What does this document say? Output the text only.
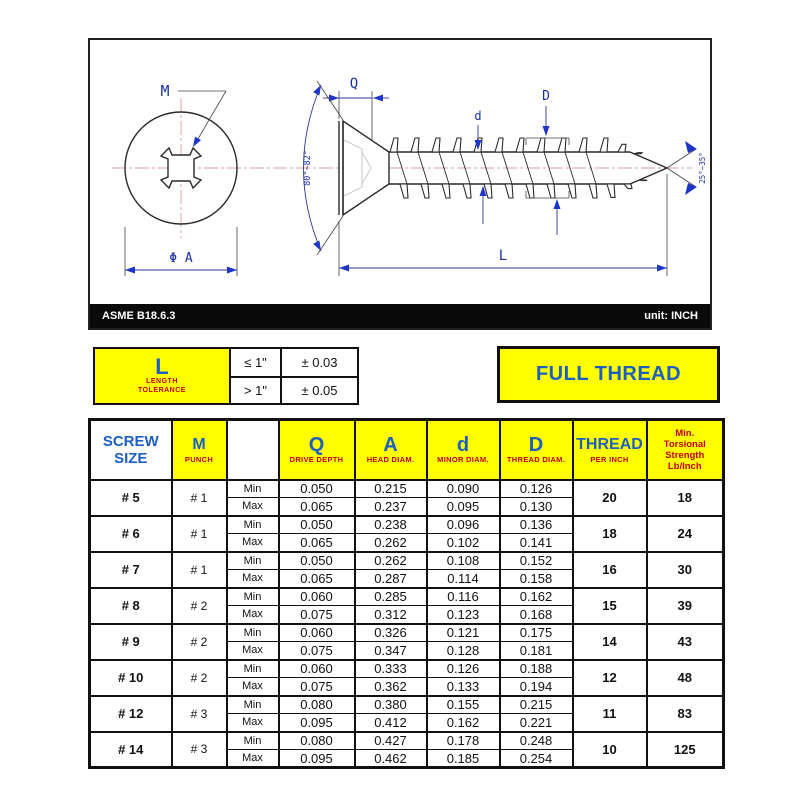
M
Φ A
Q
80°~82°
d
D
25°~35°
L
ASME B18.6.3	unit: INCH
L
LENGTH
TOLERANCE
≤ 1"	± 0.03
> 1"	± 0.05
FULL THREAD
SCREW
SIZE

M
PUNCH

Q
DRIVE DEPTH

A
HEAD DIAM.

d
MINOR DIAM.

D
THREAD DIAM.

THREAD
PER INCH

Min.
Torsional
Strength
Lb/Inch

# 5	# 1	Min	0.050	0.215	0.090	0.126	20	18
		Max	0.065	0.237	0.095	0.130		
# 6	# 1	Min	0.050	0.238	0.096	0.136	18	24
		Max	0.065	0.262	0.102	0.141		
# 7	# 1	Min	0.050	0.262	0.108	0.152	16	30
		Max	0.065	0.287	0.114	0.158		
# 8	# 2	Min	0.060	0.285	0.116	0.162	15	39
		Max	0.075	0.312	0.123	0.168		
# 9	# 2	Min	0.060	0.326	0.121	0.175	14	43
		Max	0.075	0.347	0.128	0.181		
# 10	# 2	Min	0.060	0.333	0.126	0.188	12	48
		Max	0.075	0.362	0.133	0.194		
# 12	# 3	Min	0.080	0.380	0.155	0.215	11	83
		Max	0.095	0.412	0.162	0.221		
# 14	# 3	Min	0.080	0.427	0.178	0.248	10	125
		Max	0.095	0.462	0.185	0.254		
